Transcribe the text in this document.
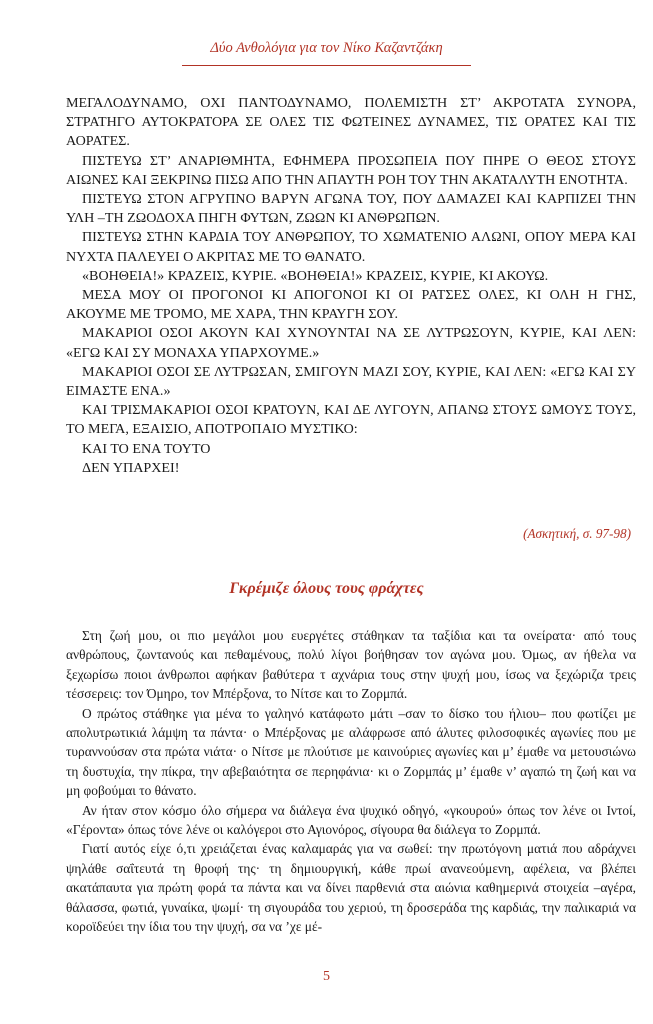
Δύο Ανθολόγια για τον Νίκο Καζαντζάκη

ΜΕΓΑΛΟΔΥΝΑΜΟ, ΟΧΙ ΠΑΝΤΟΔΥΝΑΜΟ, ΠΟΛΕΜΙΣΤΗ ΣΤ’ ΑΚΡΟΤΑΤΑ ΣΥΝΟΡΑ, ΣΤΡΑΤΗΓΟ ΑΥΤΟΚΡΑΤΟΡΑ ΣΕ ΟΛΕΣ ΤΙΣ ΦΩΤΕΙΝΕΣ ΔΥΝΑΜΕΣ, ΤΙΣ ΟΡΑΤΕΣ ΚΑΙ ΤΙΣ ΑΟΡΑΤΕΣ.

ΠΙΣΤΕΥΩ ΣΤ’ ΑΝΑΡΙΘΜΗΤΑ, ΕΦΗΜΕΡΑ ΠΡΟΣΩΠΕΙΑ ΠΟΥ ΠΗΡΕ Ο ΘΕΟΣ ΣΤΟΥΣ ΑΙΩΝΕΣ ΚΑΙ ΞΕΚΡΙΝΩ ΠΙΣΩ ΑΠΟ ΤΗΝ ΑΠΑΥΤΗ ΡΟΗ ΤΟΥ ΤΗΝ ΑΚΑΤΑΛΥΤΗ ΕΝΟΤΗΤΑ.

ΠΙΣΤΕΥΩ ΣΤΟΝ ΑΓΡΥΠΝΟ ΒΑΡΥΝ ΑΓΩΝΑ ΤΟΥ, ΠΟΥ ΔΑΜΑΖΕΙ ΚΑΙ ΚΑΡΠΙΖΕΙ ΤΗΝ ΥΛΗ –ΤΗ ΖΩΟΔΟΧΑ ΠΗΓΗ ΦΥΤΩΝ, ΖΩΩΝ ΚΙ ΑΝΘΡΩΠΩΝ.

ΠΙΣΤΕΥΩ ΣΤΗΝ ΚΑΡΔΙΑ ΤΟΥ ΑΝΘΡΩΠΟΥ, ΤΟ ΧΩΜΑΤΕΝΙΟ ΑΛΩΝΙ, ΟΠΟΥ ΜΕΡΑ ΚΑΙ ΝΥΧΤΑ ΠΑΛΕΥΕΙ Ο ΑΚΡΙΤΑΣ ΜΕ ΤΟ ΘΑΝΑΤΟ.

«ΒΟΗΘΕΙΑ!» ΚΡΑΖΕΙΣ, ΚΥΡΙΕ. «ΒΟΗΘΕΙΑ!» ΚΡΑΖΕΙΣ, ΚΥΡΙΕ, ΚΙ ΑΚΟΥΩ.

ΜΕΣΑ ΜΟΥ ΟΙ ΠΡΟΓΟΝΟΙ ΚΙ ΑΠΟΓΟΝΟΙ ΚΙ ΟΙ ΡΑΤΣΕΣ ΟΛΕΣ, ΚΙ ΟΛΗ Η ΓΗΣ, ΑΚΟΥΜΕ ΜΕ ΤΡΟΜΟ, ΜΕ ΧΑΡΑ, ΤΗΝ ΚΡΑΥΓΗ ΣΟΥ.

ΜΑΚΑΡΙΟΙ ΟΣΟΙ ΑΚΟΥΝ ΚΑΙ ΧΥΝΟΥΝΤΑΙ ΝΑ ΣΕ ΛΥΤΡΩΣΟΥΝ, ΚΥΡΙΕ, ΚΑΙ ΛΕΝ: «ΕΓΩ ΚΑΙ ΣΥ ΜΟΝΑΧΑ ΥΠΑΡΧΟΥΜΕ.»

ΜΑΚΑΡΙΟΙ ΟΣΟΙ ΣΕ ΛΥΤΡΩΣΑΝ, ΣΜΙΓΟΥΝ ΜΑΖΙ ΣΟΥ, ΚΥΡΙΕ, ΚΑΙ ΛΕΝ: «ΕΓΩ ΚΑΙ ΣΥ ΕΙΜΑΣΤΕ ΕΝΑ.»

ΚΑΙ ΤΡΙΣΜΑΚΑΡΙΟΙ ΟΣΟΙ ΚΡΑΤΟΥΝ, ΚΑΙ ΔΕ ΛΥΓΟΥΝ, ΑΠΑΝΩ ΣΤΟΥΣ ΩΜΟΥΣ ΤΟΥΣ, ΤΟ ΜΕΓΑ, ΕΞΑΙΣΙΟ, ΑΠΟΤΡΟΠΑΙΟ ΜΥΣΤΙΚΟ:

ΚΑΙ ΤΟ ΕΝΑ ΤΟΥΤΟ

ΔΕΝ ΥΠΑΡΧΕΙ!

(Ασκητική, σ. 97-98)
Γκρέμιζε όλους τους φράχτες

Στη ζωή μου, οι πιο μεγάλοι μου ευεργέτες στάθηκαν τα ταξίδια και τα ονείρατα· από τους ανθρώπους, ζωντανούς και πεθαμένους, πολύ λίγοι βοήθησαν τον αγώνα μου. Όμως, αν ήθελα να ξεχωρίσω ποιοι άνθρωποι αφήκαν βαθύτερα τ αχνάρια τους στην ψυχή μου, ίσως να ξεχώριζα τρεις τέσσερεις: τον Όμηρο, τον Μπέρξονα, το Νίτσε και το Ζορμπά.

Ο πρώτος στάθηκε για μένα το γαληνό κατάφωτο μάτι –σαν το δίσκο του ήλιου– που φωτίζει με απολυτρωτικιά λάμψη τα πάντα· ο Μπέρξονας με αλάφρωσε από άλυτες φιλοσοφικές αγωνίες που με τυραννούσαν στα πρώτα νιάτα· ο Νίτσε με πλούτισε με καινούριες αγωνίες και μ’ έμαθε να μετουσιώνω τη δυστυχία, την πίκρα, την αβεβαιότητα σε περηφάνια· κι ο Ζορμπάς μ’ έμαθε ν’ αγαπώ τη ζωή και να μη φοβούμαι το θάνατο.

Αν ήταν στον κόσμο όλο σήμερα να διάλεγα ένα ψυχικό οδηγό, «γκουρού» όπως τον λένε οι Ιντοί, «Γέροντα» όπως τόνε λένε οι καλόγεροι στο Αγιονόρος, σίγουρα θα διάλεγα το Ζορμπά.

Γιατί αυτός είχε ό,τι χρειάζεται ένας καλαμαράς για να σωθεί: την πρωτόγονη ματιά που αδράχνει ψηλάθε σαΐτευτά τη θροφή της· τη δημιουργική, κάθε πρωί ανανεούμενη, αφέλεια, να βλέπει ακατάπαυτα για πρώτη φορά τα πάντα και να δίνει παρθενιά στα αιώνια καθημερινά στοιχεία –αγέρα, θάλασσα, φωτιά, γυναίκα, ψωμί· τη σιγουράδα του χεριού, τη δροσεράδα της καρδιάς, την παλικαριά να κοροϊδεύει την ίδια του την ψυχή, σα να ’χε μέ-

5
